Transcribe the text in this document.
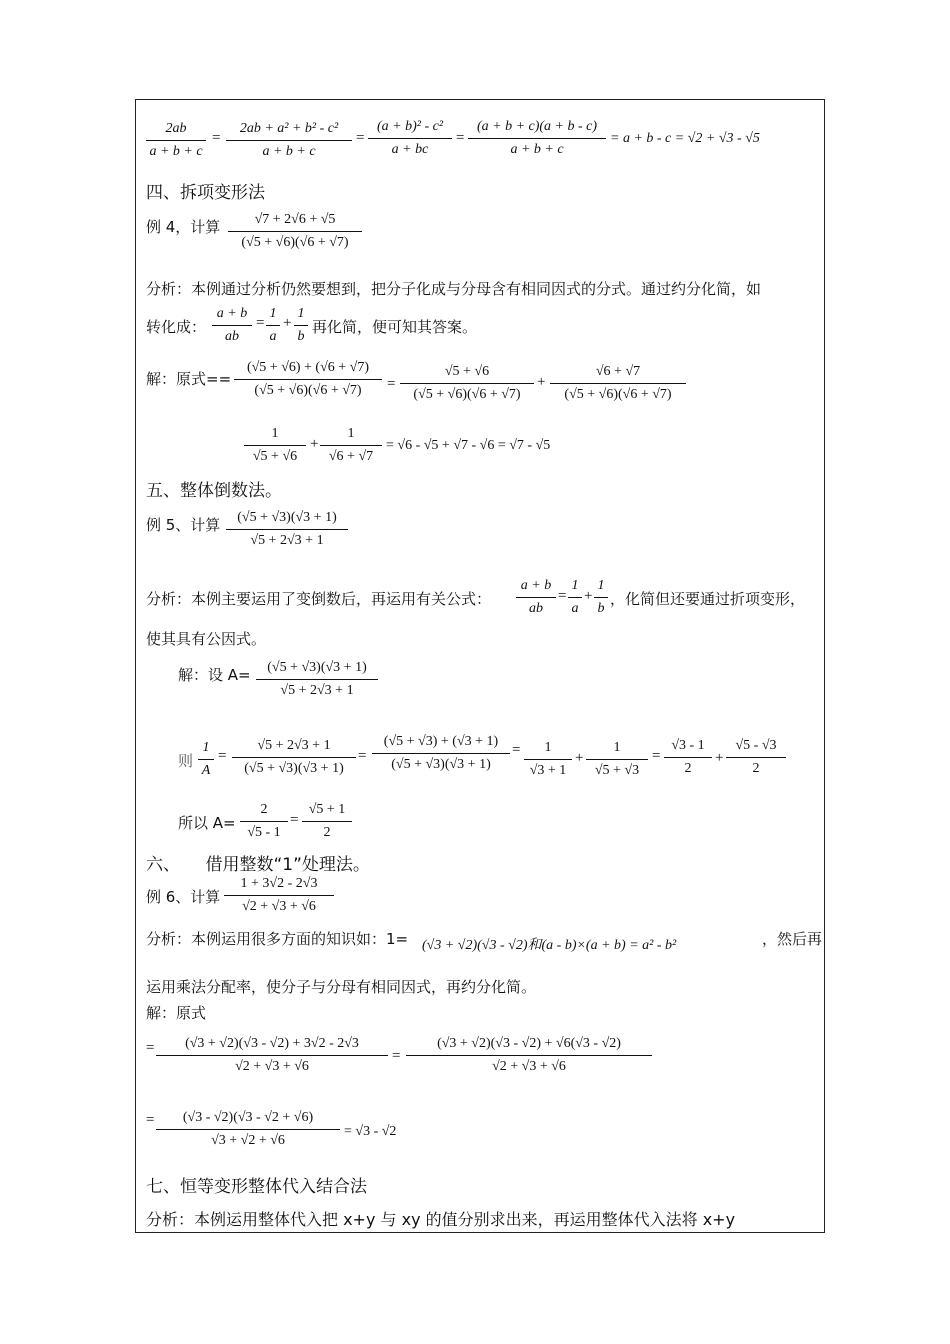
2ab
a + b + c
=
2ab + a² + b² - c²
a + b + c
=
(a + b)² - c²
a + bc
=
(a + b + c)(a + b - c)
a + b + c
= a + b - c = √2 + √3 - √5
四、拆项变形法
例 4，计算	√7 + 2√6 + √5
(√5 + √6)(√6 + √7)
分析：本例通过分析仍然要想到，把分子化成与分母含有相同因式的分式。通过约分化简，如
转化成：
a + b
ab
=
1
a
+
1
b
再化简，便可知其答案。
解：原式==
(√5 + √6) + (√6 + √7)
(√5 + √6)(√6 + √7)	=
√5 + √6
(√5 + √6)(√6 + √7)
+
√6 + √7
(√5 + √6)(√6 + √7)
1
√5 + √6
+
1
√6 + √7
= √6 - √5 + √7 - √6 = √7 - √5
五、整体倒数法。
例 5、计算	(√5 + √3)(√3 + 1)
√5 + 2√3 + 1
分析：本例主要运用了变倒数后，再运用有关公式：
a + b
ab
=
1
a
+
1
b
，化简但还要通过折项变形，
使其具有公因式。
解：设 A=	(√5 + √3)(√3 + 1)
√5 + 2√3 + 1
则
1
A
=
√5 + 2√3 + 1
(√5 + √3)(√3 + 1)
=
(√5 + √3) + (√3 + 1)
(√5 + √3)(√3 + 1)
=	1
√3 + 1
+
1
√5 + √3
=
√3 - 1
2
+
√5 - √3
2
所以 A=
2
√5 - 1
=
√5 + 1
2
六、　　借用整数“1”处理法。
例 6、计算
1 + 3√2 - 2√3
√2 + √3 + √6
分析：本例运用很多方面的知识如：1= (√3 + √2)(√3 - √2)和(a - b)×(a + b) = a² - b²	，然后再
运用乘法分配率，使分子与分母有相同因式，再约分化简。
解：原式
=	(√3 + √2)(√3 - √2) + 3√2 - 2√3
√2 + √3 + √6
=
(√3 + √2)(√3 - √2) + √6(√3 - √2)
√2 + √3 + √6
=	(√3 - √2)(√3 - √2 + √6)
√3 + √2 + √6
= √3 - √2
七、恒等变形整体代入结合法
分析：本例运用整体代入把 x+y 与 xy 的值分别求出来，再运用整体代入法将 x+y
